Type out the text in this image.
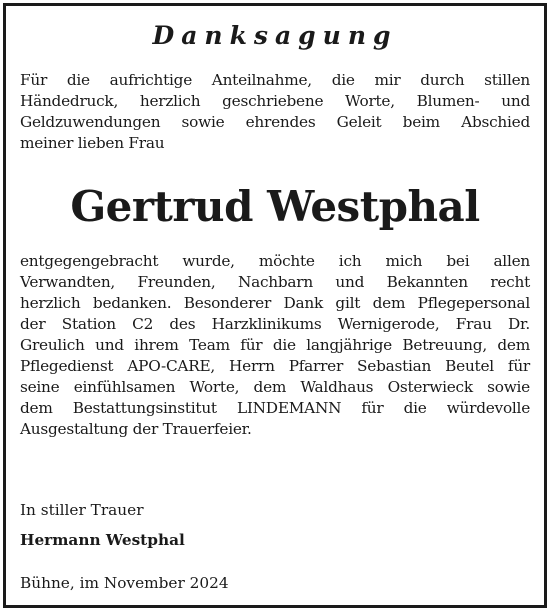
Danksagung
Für die aufrichtige Anteilnahme, die mir durch stillen
Händedruck, herzlich geschriebene Worte, Blumen- und
Geldzuwendungen sowie ehrendes Geleit beim Abschied
meiner lieben Frau
Gertrud Westphal
entgegengebracht wurde, möchte ich mich bei allen
Verwandten, Freunden, Nachbarn und Bekannten recht
herzlich bedanken. Besonderer Dank gilt dem Pflegepersonal
der Station C2 des Harzklinikums Wernigerode, Frau Dr.
Greulich und ihrem Team für die langjährige Betreuung, dem
Pflegedienst APO-CARE, Herrn Pfarrer Sebastian Beutel für
seine einfühlsamen Worte, dem Waldhaus Osterwieck sowie
dem Bestattungsinstitut LINDEMANN für die würdevolle
Ausgestaltung der Trauerfeier.
In stiller Trauer
Hermann Westphal
Bühne, im November 2024
